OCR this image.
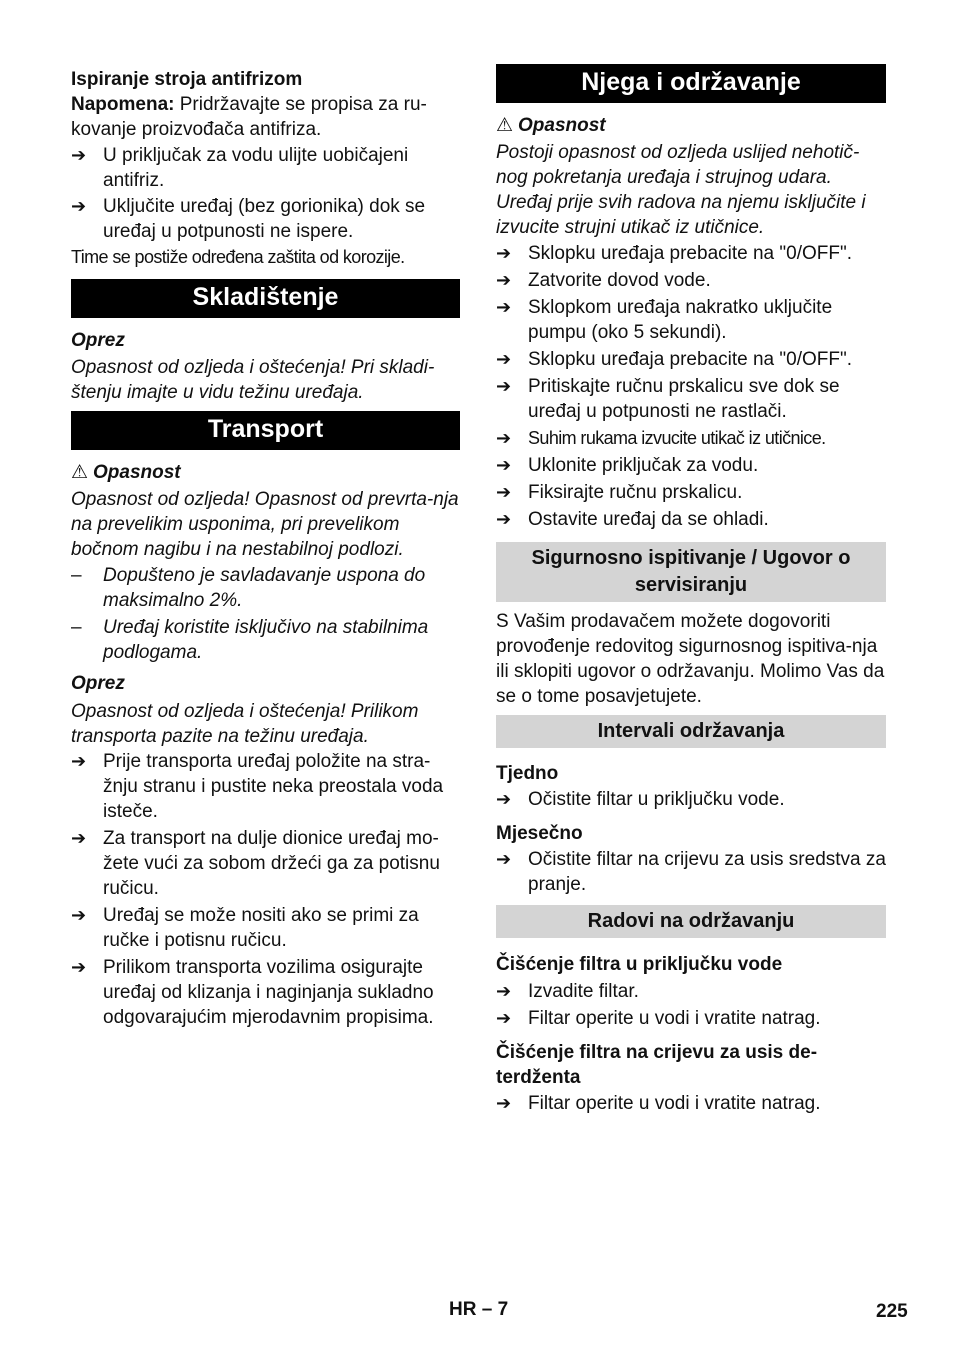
Ispiranje stroja antifrizom

Napomena: Pridržavajte se propisa za ru-kovanje proizvođača antifriza.

➔ U priključak za vodu ulijte uobičajeni antifriz.
➔ Uključite uređaj (bez gorionika) dok se uređaj u potpunosti ne ispere.

Time se postiže određena zaštita od korozije.

Skladištenje

Oprez

Opasnost od ozljeda i oštećenja! Pri skladi-štenju imajte u vidu težinu uređaja.

Transport

⚠ Opasnost

Opasnost od ozljeda! Opasnost od prevrta-nja na prevelikim usponima, pri prevelikom bočnom nagibu i na nestabilnoj podlozi.

– Dopušteno je savladavanje uspona do maksimalno 2%.
– Uređaj koristite isključivo na stabilnima podlogama.

Oprez

Opasnost od ozljeda i oštećenja! Prilikom transporta pazite na težinu uređaja.

➔ Prije transporta uređaj položite na stra-žnju stranu i pustite neka preostala voda isteče.
➔ Za transport na dulje dionice uređaj mo-žete vući za sobom držeći ga za potisnu ručicu.
➔ Uređaj se može nositi ako se primi za ručke i potisnu ručicu.
➔ Prilikom transporta vozilima osigurajte uređaj od klizanja i naginjanja sukladno odgovarajućim mjerodavnim propisima.
Njega i održavanje

⚠ Opasnost

Postoji opasnost od ozljeda uslijed nehotič-nog pokretanja uređaja i strujnog udara. Uređaj prije svih radova na njemu isključite i izvucite strujni utikač iz utičnice.

➔ Sklopku uređaja prebacite na "0/OFF".
➔ Zatvorite dovod vode.
➔ Sklopkom uređaja nakratko uključite pumpu (oko 5 sekundi).
➔ Sklopku uređaja prebacite na "0/OFF".
➔ Pritiskajte ručnu prskalicu sve dok se uređaj u potpunosti ne rastlači.
➔ Suhim rukama izvucite utikač iz utičnice.
➔ Uklonite priključak za vodu.
➔ Fiksirajte ručnu prskalicu.
➔ Ostavite uređaj da se ohladi.
Sigurnosno ispitivanje / Ugovor o servisiranju

S Vašim prodavačem možete dogovoriti provođenje redovitog sigurnosnog ispitiva-nja ili sklopiti ugovor o održavanju. Molimo Vas da se o tome posavjetujete.

Intervali održavanja

Tjedno

➔ Očistite filtar u priključku vode.

Mjesečno

➔ Očistite filtar na crijevu za usis sredstva za pranje.
Radovi na održavanju

Čišćenje filtra u priključku vode

➔ Izvadite filtar.
➔ Filtar operite u vodi i vratite natrag.

Čišćenje filtra na crijevu za usis de-terdženta

➔ Filtar operite u vodi i vratite natrag.
HR – 7	225
